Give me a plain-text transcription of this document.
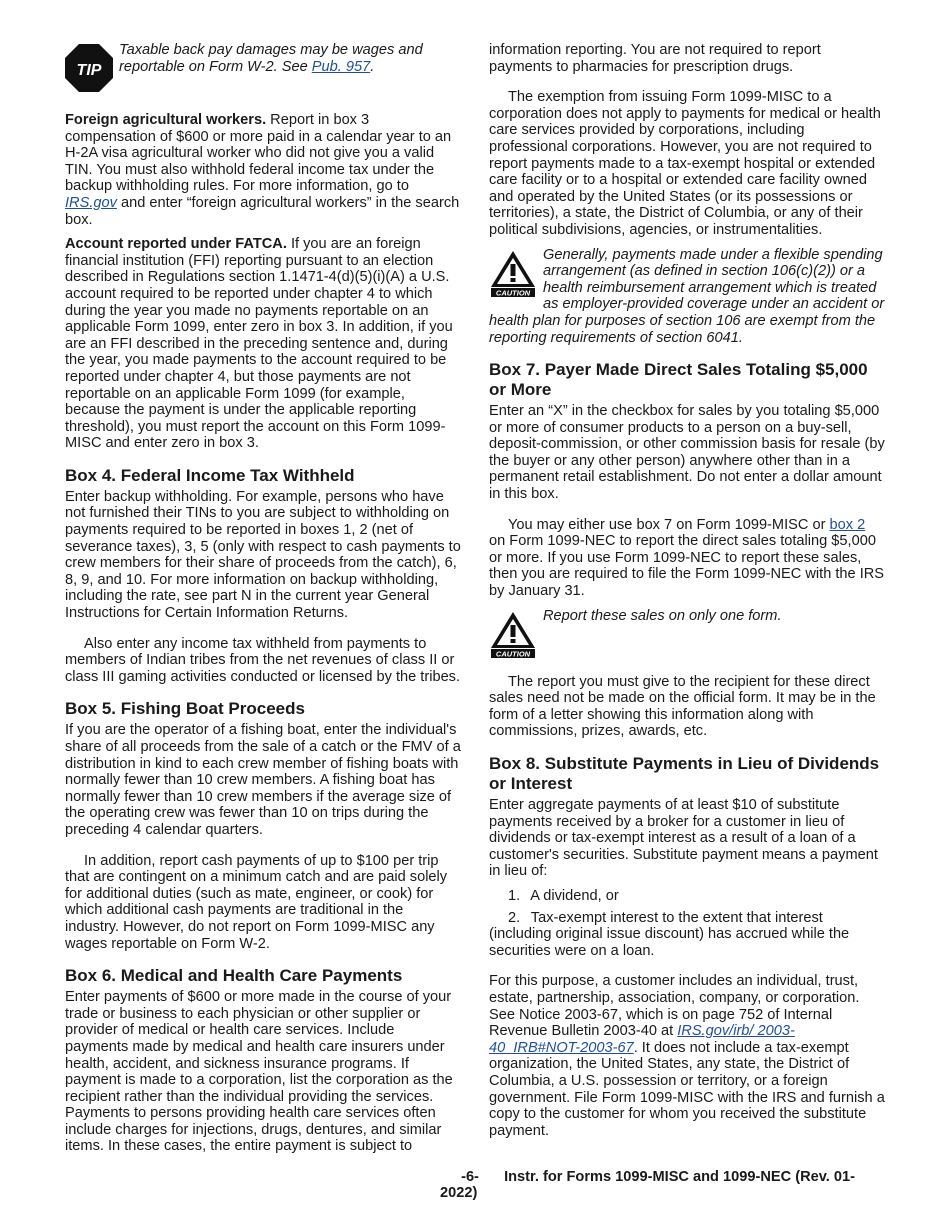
TIP
Taxable back pay damages may be wages and reportable on Form W-2. See Pub. 957.

Foreign agricultural workers. Report in box 3 compensation of $600 or more paid in a calendar year to an H-2A visa agricultural worker who did not give you a valid TIN. You must also withhold federal income tax under the backup withholding rules. For more information, go to IRS.gov and enter “foreign agricultural workers” in the search box.

Account reported under FATCA. If you are an foreign financial institution (FFI) reporting pursuant to an election described in Regulations section 1.1471-4(d)(5)(i)(A) a U.S. account required to be reported under chapter 4 to which during the year you made no payments reportable on an applicable Form 1099, enter zero in box 3. In addition, if you are an FFI described in the preceding sentence and, during the year, you made payments to the account required to be reported under chapter 4, but those payments are not reportable on an applicable Form 1099 (for example, because the payment is under the applicable reporting threshold), you must report the account on this Form 1099-MISC and enter zero in box 3.

Box 4. Federal Income Tax Withheld

Enter backup withholding. For example, persons who have not furnished their TINs to you are subject to withholding on payments required to be reported in boxes 1, 2 (net of severance taxes), 3, 5 (only with respect to cash payments to crew members for their share of proceeds from the catch), 6, 8, 9, and 10. For more information on backup withholding, including the rate, see part N in the current year General Instructions for Certain Information Returns.

Also enter any income tax withheld from payments to members of Indian tribes from the net revenues of class II or class III gaming activities conducted or licensed by the tribes.

Box 5. Fishing Boat Proceeds

If you are the operator of a fishing boat, enter the individual's share of all proceeds from the sale of a catch or the FMV of a distribution in kind to each crew member of fishing boats with normally fewer than 10 crew members. A fishing boat has normally fewer than 10 crew members if the average size of the operating crew was fewer than 10 on trips during the preceding 4 calendar quarters.

In addition, report cash payments of up to $100 per trip that are contingent on a minimum catch and are paid solely for additional duties (such as mate, engineer, or cook) for which additional cash payments are traditional in the industry. However, do not report on Form 1099-MISC any wages reportable on Form W-2.

Box 6. Medical and Health Care Payments

Enter payments of $600 or more made in the course of your trade or business to each physician or other supplier or provider of medical or health care services. Include payments made by medical and health care insurers under health, accident, and sickness insurance programs. If payment is made to a corporation, list the corporation as the recipient rather than the individual providing the services. Payments to persons providing health care services often include charges for injections, drugs, dentures, and similar items. In these cases, the entire payment is subject to

information reporting. You are not required to report payments to pharmacies for prescription drugs.

The exemption from issuing Form 1099-MISC to a corporation does not apply to payments for medical or health care services provided by corporations, including professional corporations. However, you are not required to report payments made to a tax-exempt hospital or extended care facility or to a hospital or extended care facility owned and operated by the United States (or its possessions or territories), a state, the District of Columbia, or any of their political subdivisions, agencies, or instrumentalities.

CAUTION
Generally, payments made under a flexible spending arrangement (as defined in section 106(c)(2)) or a health reimbursement arrangement which is treated as employer-provided coverage under an accident or health plan for purposes of section 106 are exempt from the reporting requirements of section 6041.
Box 7. Payer Made Direct Sales Totaling $5,000 or More

Enter an “X” in the checkbox for sales by you totaling $5,000 or more of consumer products to a person on a buy-sell, deposit-commission, or other commission basis for resale (by the buyer or any other person) anywhere other than in a permanent retail establishment. Do not enter a dollar amount in this box.

You may either use box 7 on Form 1099-MISC or box 2 on Form 1099-NEC to report the direct sales totaling $5,000 or more. If you use Form 1099-NEC to report these sales, then you are required to file the Form 1099-NEC with the IRS by January 31.

CAUTION
Report these sales on only one form.

The report you must give to the recipient for these direct sales need not be made on the official form. It may be in the form of a letter showing this information along with commissions, prizes, awards, etc.

Box 8. Substitute Payments in Lieu of Dividends or Interest

Enter aggregate payments of at least $10 of substitute payments received by a broker for a customer in lieu of dividends or tax-exempt interest as a result of a loan of a customer's securities. Substitute payment means a payment in lieu of:

1. A dividend, or

2. Tax-exempt interest to the extent that interest (including original issue discount) has accrued while the securities were on a loan.

For this purpose, a customer includes an individual, trust, estate, partnership, association, company, or corporation. See Notice 2003-67, which is on page 752 of Internal Revenue Bulletin 2003-40 at IRS.gov/irb/ 2003-40_IRB#NOT-2003-67. It does not include a tax-exempt organization, the United States, any state, the District of Columbia, a U.S. possession or territory, or a foreign government. File Form 1099-MISC with the IRS and furnish a copy to the customer for whom you received the substitute payment.

-6- Instr. for Forms 1099-MISC and 1099-NEC (Rev. 01-2022)
